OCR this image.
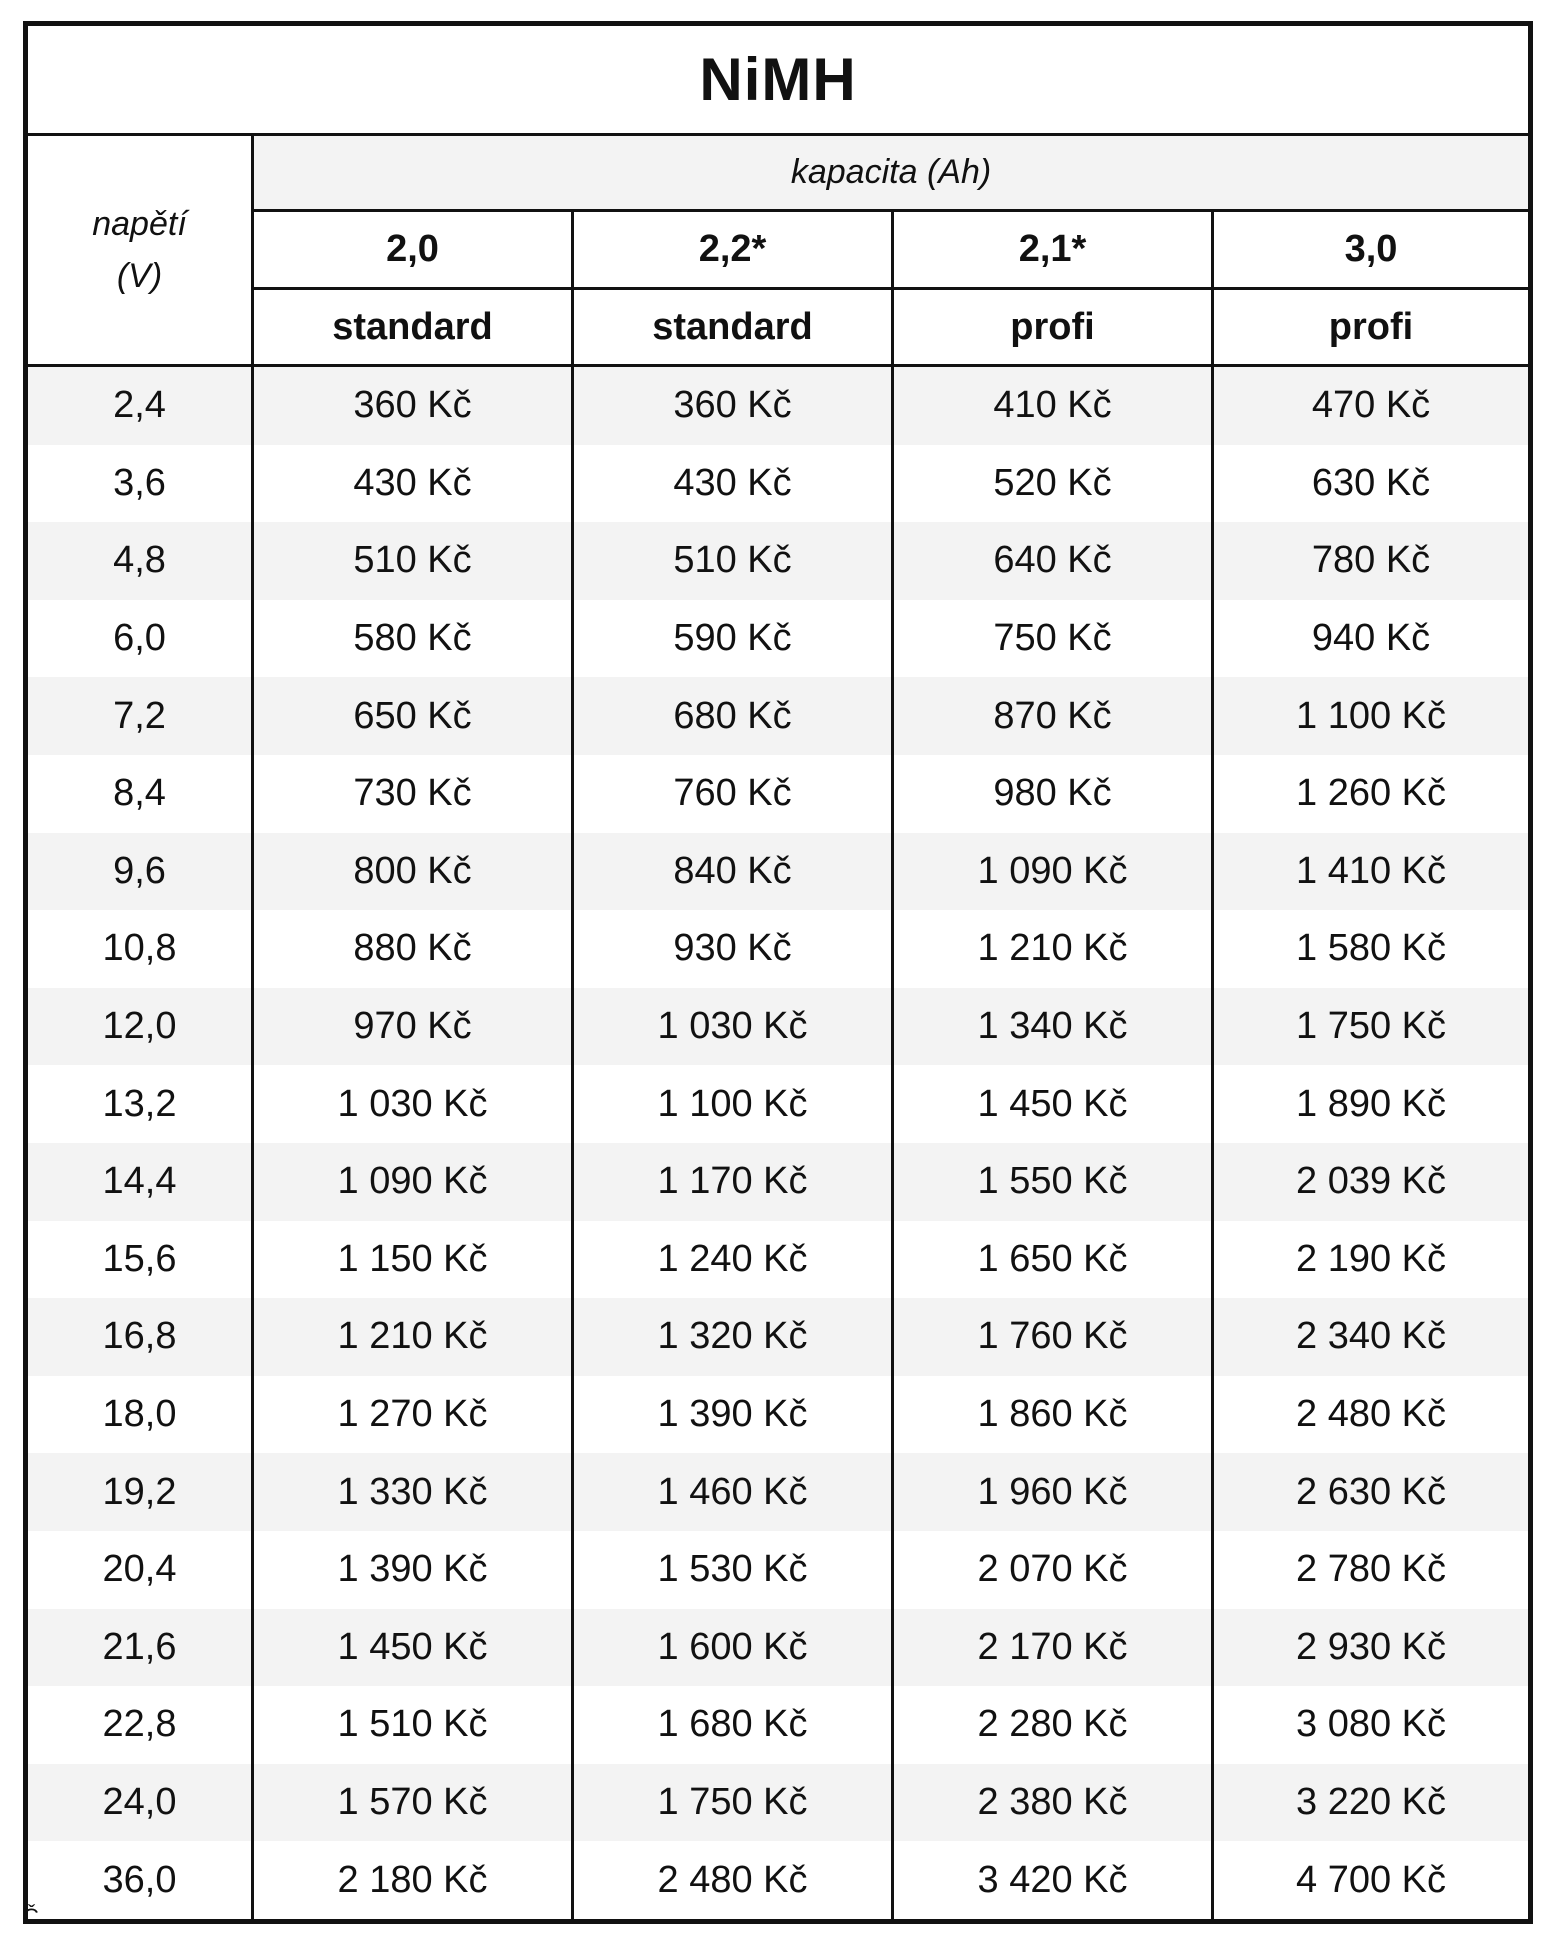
NiMH				
napětí
(V)	kapacita (Ah)			
	2,0	2,2*	2,1*	3,0
	standard	standard	profi	profi
2,4	360 Kč	360 Kč	410 Kč	470 Kč
3,6	430 Kč	430 Kč	520 Kč	630 Kč
4,8	510 Kč	510 Kč	640 Kč	780 Kč
6,0	580 Kč	590 Kč	750 Kč	940 Kč
7,2	650 Kč	680 Kč	870 Kč	1 100 Kč
8,4	730 Kč	760 Kč	980 Kč	1 260 Kč
9,6	800 Kč	840 Kč	1 090 Kč	1 410 Kč
10,8	880 Kč	930 Kč	1 210 Kč	1 580 Kč
12,0	970 Kč	1 030 Kč	1 340 Kč	1 750 Kč
13,2	1 030 Kč	1 100 Kč	1 450 Kč	1 890 Kč
14,4	1 090 Kč	1 170 Kč	1 550 Kč	2 039 Kč
15,6	1 150 Kč	1 240 Kč	1 650 Kč	2 190 Kč
16,8	1 210 Kč	1 320 Kč	1 760 Kč	2 340 Kč
18,0	1 270 Kč	1 390 Kč	1 860 Kč	2 480 Kč
19,2	1 330 Kč	1 460 Kč	1 960 Kč	2 630 Kč
20,4	1 390 Kč	1 530 Kč	2 070 Kč	2 780 Kč
21,6	1 450 Kč	1 600 Kč	2 170 Kč	2 930 Kč
22,8	1 510 Kč	1 680 Kč	2 280 Kč	3 080 Kč
24,0	1 570 Kč	1 750 Kč	2 380 Kč	3 220 Kč
36,0	2 180 Kč	2 480 Kč	3 420 Kč	4 700 Kč
Č
